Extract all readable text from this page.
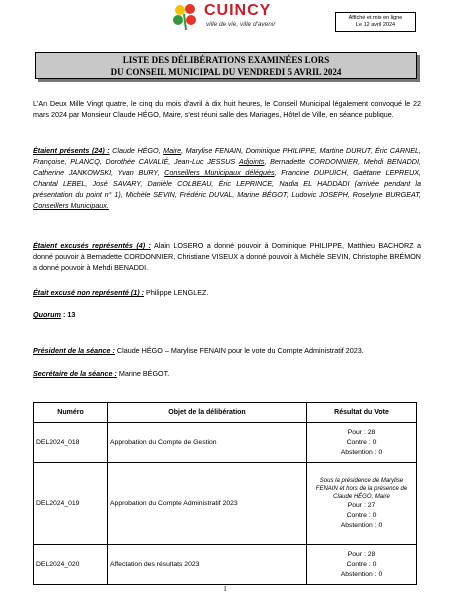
CUINCY
ville de vie, ville d'avenir
Affiché et mis en ligne
Le 12 avril 2024
LISTE DES DÉLIBÉRATIONS EXAMINÉES LORS
DU CONSEIL MUNICIPAL DU VENDREDI 5 AVRIL 2024
L'An Deux Mille Vingt quatre, le cinq du mois d'avril à dix huit heures, le Conseil Municipal légalement convoqué le 22 mars 2024 par Monsieur Claude HÉGO, Maire, s'est réuni salle des Mariages, Hôtel de Ville, en séance publique.
Étaient présents (24) : Claude HÉGO, Maire, Marylise FENAIN, Dominique PHILIPPE, Martine DURUT, Éric CARNEL, Françoise, PLANCQ, Dorothée CAVALIÉ, Jean-Luc JESSUS Adjoints, Bernadette CORDONNIER, Mehdi BENADDI, Catherine JANKOWSKI, Yvan BURY, Conseillers Municipaux délégués, Francine DUPUICH, Gaëtane LEPREUX, Chantal LEBEL, José SAVARY, Danièle COLBEAU, Éric LEPRINCE, Nadia EL HADDADI (arrivée pendant la présentation du point n° 1), Michèle SEVIN, Frédéric DUVAL, Marine BÉGOT, Ludovic JOSEPH, Roselyne BURGEAT, Conseillers Municipaux.
Étaient excusés représentés (4) : Alain LOSERO a donné pouvoir à Dominique PHILIPPE, Matthieu BACHORZ a donné pouvoir à Bernadette CORDONNIER, Christiane VISEUX a donné pouvoir à Michèle SEVIN, Christophe BRÉMON a donné pouvoir à Mehdi BENADDI.
Était excusé non représenté (1) : Philippe LENGLEZ.
Quorum : 13
Président de la séance : Claude HÉGO – Marylise FENAIN pour le vote du Compte Administratif 2023.
Secrétaire de la séance : Marine BÉGOT.
Numéro	Objet de la délibération	Résultat du Vote
DEL2024_018	Approbation du Compte de Gestion	Pour : 28
Contre : 0
Abstention : 0

DEL2024_019	Approbation du Compte Administratif 2023	Sous la présidence de Marylise FENAIN et hors de la présence de Claude HÉGO, Maire
Pour : 27
Contre : 0
Abstention : 0

DEL2024_020	Affectation des résultats 2023	Pour : 28
Contre : 0
Abstention : 0
1
